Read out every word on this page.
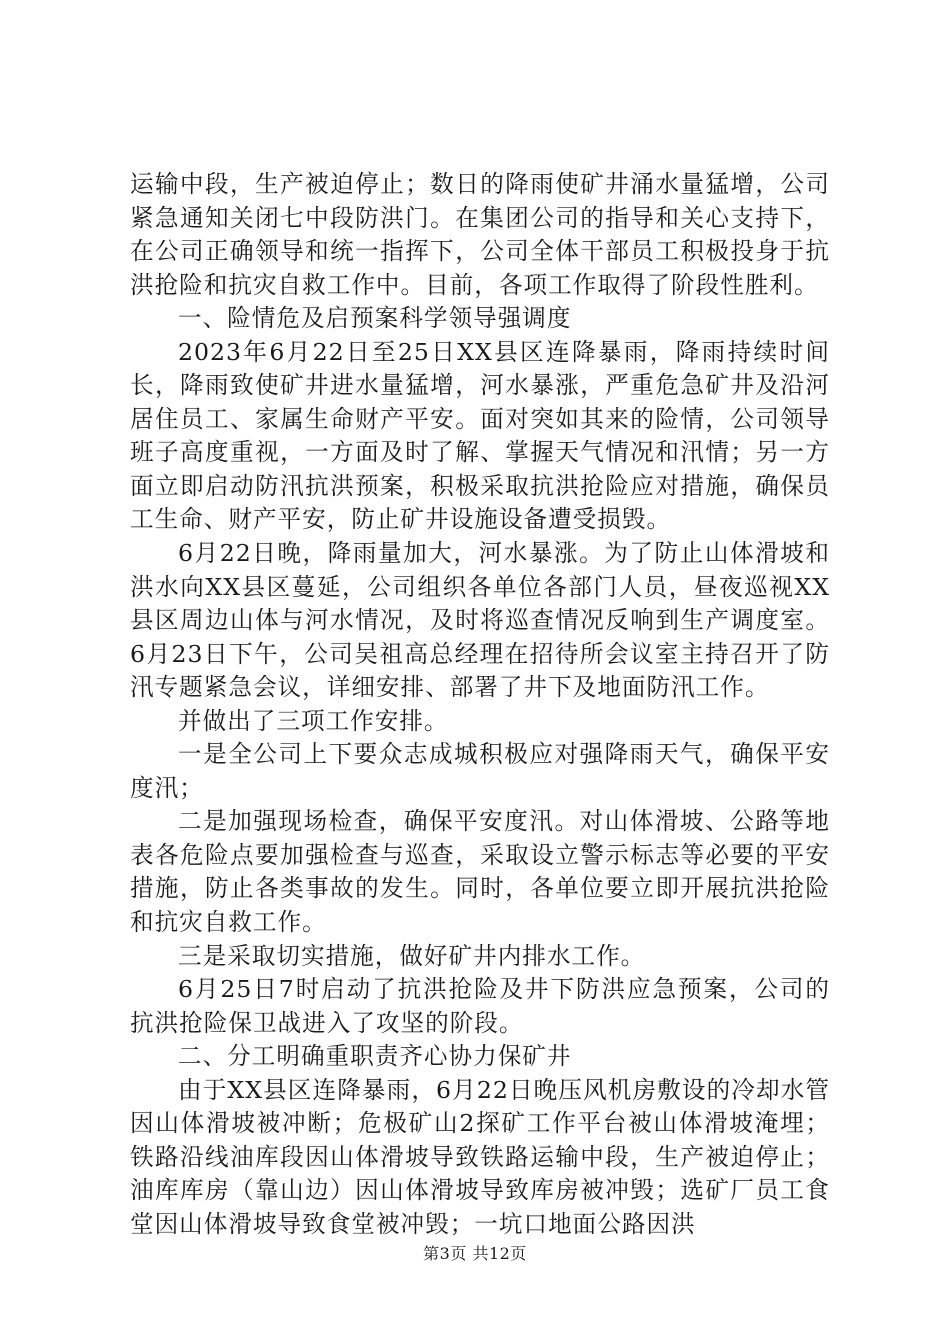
运输中段，生产被迫停止；数日的降雨使矿井涌水量猛增，公司紧急通知关闭七中段防洪门。在集团公司的指导和关心支持下，在公司正确领导和统一指挥下，公司全体干部员工积极投身于抗洪抢险和抗灾自救工作中。目前，各项工作取得了阶段性胜利。

一、险情危及启预案科学领导强调度

2023年6月22日至25日XX县区连降暴雨，降雨持续时间长，降雨致使矿井进水量猛增，河水暴涨，严重危急矿井及沿河居住员工、家属生命财产平安。面对突如其来的险情，公司领导班子高度重视，一方面及时了解、掌握天气情况和汛情；另一方面立即启动防汛抗洪预案，积极采取抗洪抢险应对措施，确保员工生命、财产平安，防止矿井设施设备遭受损毁。

6月22日晚，降雨量加大，河水暴涨。为了防止山体滑坡和洪水向XX县区蔓延，公司组织各单位各部门人员，昼夜巡视XX县区周边山体与河水情况，及时将巡查情况反响到生产调度室。6月23日下午，公司吴祖高总经理在招待所会议室主持召开了防汛专题紧急会议，详细安排、部署了井下及地面防汛工作。

并做出了三项工作安排。

一是全公司上下要众志成城积极应对强降雨天气，确保平安度汛；

二是加强现场检查，确保平安度汛。对山体滑坡、公路等地表各危险点要加强检查与巡查，采取设立警示标志等必要的平安措施，防止各类事故的发生。同时，各单位要立即开展抗洪抢险和抗灾自救工作。

三是采取切实措施，做好矿井内排水工作。

6月25日7时启动了抗洪抢险及井下防洪应急预案，公司的抗洪抢险保卫战进入了攻坚的阶段。

二、分工明确重职责齐心协力保矿井

由于XX县区连降暴雨，6月22日晚压风机房敷设的冷却水管因山体滑坡被冲断；危极矿山2探矿工作平台被山体滑坡淹埋；铁路沿线油库段因山体滑坡导致铁路运输中段，生产被迫停止；油库库房（靠山边）因山体滑坡导致库房被冲毁；选矿厂员工食堂因山体滑坡导致食堂被冲毁；一坑口地面公路因洪

第3页 共12页
